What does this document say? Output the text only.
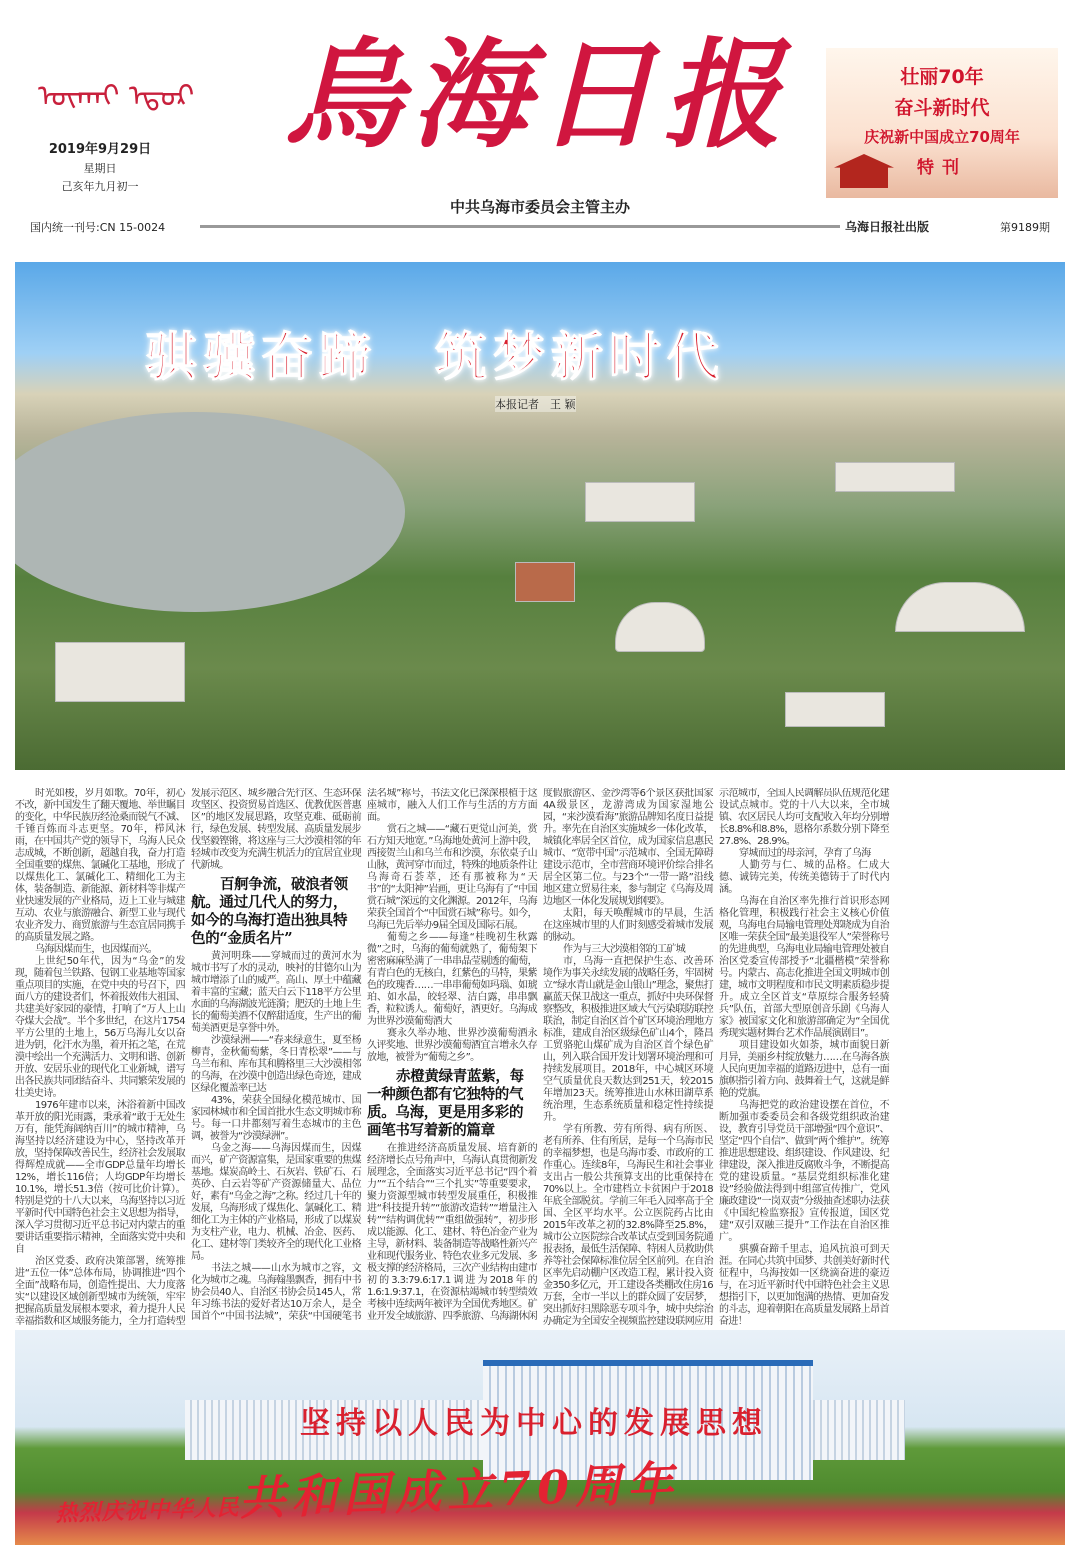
ᠦᠬᠠᠢ ᠡᠳᠦᠷ
2019年9月29日
星期日
己亥年九月初一
烏海日报
中共乌海市委员会主管主办
壮丽70年
奋斗新时代
庆祝新中国成立70周年
特刊
国内统一刊号:CN 15-0024	乌海日报社出版	第9189期
骐骥奋蹄　筑梦新时代
本报记者　王 颖

时光如梭，岁月如歌。70年，初心不改，新中国发生了翻天覆地、举世瞩目的变化，中华民族历经沧桑而锐气不减、千锤百炼而斗志更坚。70年，栉风沐雨，在中国共产党的领导下，乌海人民众志成城，不断创新，超越自我，奋力打造全国重要的煤焦、氯碱化工基地，形成了以煤焦化工、氯碱化工、精细化工为主体，装备制造、新能源、新材料等非煤产业快速发展的产业格局，迈上工业与城建互动、农业与旅游融合、新型工业与现代农业齐发力、商贸旅游与生态宜居同携手的高质量发展之路。

乌海因煤而生，也因煤而兴。

上世纪50年代，因为“乌金”的发现，随着包兰铁路、包钢工业基地等国家重点项目的实施，在党中央的号召下，四面八方的建设者们，怀着报效伟大祖国、共建美好家园的豪情，打响了“万人上山夺煤大会战”。半个多世纪，在这片1754平方公里的土地上，56万乌海儿女以奋进为钥，化汗水为墨，着开拓之笔，在荒漠中绘出一个充满活力、文明和谐、创新开放、安居乐业的现代化工业新城，谱写出各民族共同团结奋斗、共同繁荣发展的壮美史诗。

1976年建市以来，沐浴着新中国改革开放的阳光雨露，秉承着“敢于无处生万有，能凭海阔纳百川”的城市精神，乌海坚持以经济建设为中心，坚持改革开放，坚持保障改善民生，经济社会发展取得辉煌成就——全市GDP总量年均增长12%，增长116倍；人均GDP年均增长10.1%，增长51.3倍（按可比价计算）。特别是党的十八大以来，乌海坚持以习近平新时代中国特色社会主义思想为指导，深入学习贯彻习近平总书记对内蒙古的重要讲话重要指示精神，全面落实党中央和自

治区党委、政府决策部署，统筹推进“五位一体”总体布局，协调推进“四个全面”战略布局，创造性提出、大力度落实“以建设区域创新型城市为统领，牢牢把握高质量发展根本要求，着力提升人民幸福指数和区域服务能力，全力打造转型发展示范区、城乡融合先行区、生态环保攻坚区、投资贸易首选区、优教优医普惠区”的地区发展思路，攻坚克难、砥砺前行，绿色发展、转型发展、高质量发展步伐坚毅铿锵，将这座与三大沙漠相邻的年轻城市改变为充满生机活力的宜居宜业现代新城。

百舸争流，破浪者领航。通过几代人的努力，如今的乌海打造出独具特色的“金质名片”

黄河明珠——穿城而过的黄河水为城市书写了水的灵动，映衬的甘德尔山为城市增添了山的威严。高山、厚土中蕴藏着丰富的宝藏；蓝天白云下118平方公里水面的乌海湖波光涟漪；肥沃的土地上生长的葡萄美酒不仅醉甜适度，生产出的葡萄美酒更是享誉中外。

沙漠绿洲——“春来绿意生，夏至杨柳青，金秋葡萄紫，冬日青松翠”——与乌兰布和、库布其和腾格里三大沙漠相邻的乌海，在沙漠中创造出绿色奇迹，建成区绿化覆盖率已达

43%，荣获全国绿化模范城市、国家园林城市和全国首批水生态文明城市称号。每一口井都刻写着生态城市的主色调，被誉为“沙漠绿洲”。

乌金之海——乌海因煤而生，因煤而兴，矿产资源富集，是国家重要的焦煤基地。煤炭高岭土、石灰岩、铁矿石、石英砂、白云岩等矿产资源储量大、品位好，素有“乌金之海”之称。经过几十年的发展，乌海形成了煤焦化、氯碱化工、精细化工为主体的产业格局，形成了以煤炭为支柱产业，电力、机械、冶金、医药、化工、建材等门类较齐全的现代化工业格局。

书法之城——山水为城市之容，文化为城市之魂。乌海翰墨飘香，拥有中书协会员40人、自治区书协会员145人，常年习练书法的爱好者达10万余人，是全国首个“中国书法城”，荣获“中国硬笔书法名城”称号，书法文化已深深根植于这座城市，融入人们工作与生活的方方面面。

赏石之城——“藏石更觉山河美，赏石方知天地宽。”乌海地处黄河上游中段，西接贺兰山和乌兰布和沙漠，东依桌子山山脉，黄河穿市而过，特殊的地质条件让乌海奇石荟萃，还有那被称为“天书”的“太阳神”岩画，更让乌海有了“中国赏石城”深远的文化渊源。2012年，乌海荣获全国首个“中国赏石城”称号。如今，乌海已先后举办9届全国及国际石展。

葡萄之乡——每逢“桂晚初生秋露微”之时，乌海的葡萄就熟了，葡萄架下密密麻麻坠满了一串串晶莹剔透的葡萄，有青白色的无核白，红紫色的马特，果紫色的玫瑰香……一串串葡萄如玛瑙、如琥珀、如水晶，皎轻翠、洁白露，串串飘香，粒粒诱人。葡萄好，酒更好。乌海成为世界沙漠葡萄酒大

赛永久举办地、世界沙漠葡萄酒永久评奖地、世界沙漠葡萄酒宜言增永久存放地，被誉为“葡萄之乡”。

赤橙黄绿青蓝紫，每一种颜色都有它独特的气质。乌海，更是用多彩的画笔书写着新的篇章

在推进经济高质量发展、培育新的经济增长点号角声中，乌海认真贯彻新发展理念，全面落实习近平总书记“四个着力”“五个结合”“三个扎实”等重要要求，聚力资源型城市转型发展重任，积极推进“科技提升转”“旅游改造转”“增量注入转”“结构调优转”“重组做强转”，初步形成以能源、化工、建材、特色冶金产业为主导，新材料、装备制造等战略性新兴产业和现代服务业、特色农业多元发展、多极支撑的经济格局，三次产业结构由建市初的3.3:79.6:17.1调进为2018年的1.6:1.9:37.1，在资源枯竭城市转型绩效考核中连续两年被评为全国优秀地区。矿业开发全域旅游、四季旅游、乌海湖休闲度假旅游区、金沙湾等6个景区获批国家4A级景区，龙游湾成为国家湿地公园，“来沙漠看海”旅游品牌知名度日益提升。率先在自治区实施城乡一体化改革，城镇化率居全区首位，成为国家信息惠民城市、“宽带中国”示范城市、全国无障碍建设示范市，全市营商环境评价综合排名居全区第二位。与23个“一带一路”沿线地区建立贸易往来，参与制定《乌海及周边地区一体化发展规划纲要》。

太阳，每天唤醒城市的早晨，生活在这座城市里的人们时刻感受着城市发展的脉动。

作为与三大沙漠相邻的工矿城

市，乌海一直把保护生态、改善环境作为事关永续发展的战略任务，牢固树立“绿水青山就是金山银山”理念，聚焦打赢蓝天保卫战这一重点，抓好中央环保督察整改，积极推进区域大气污染联防联控联治，制定自治区首个矿区环境治理地方标准，建成自治区级绿色矿山4个，隆昌工贸骆驼山煤矿成为自治区首个绿色矿山，列入联合国开发计划署环境治理和可持续发展项目。2018年，中心城区环境空气质量优良天数达到251天，较2015年增加23天。统筹推进山水林田湖草系统治理，生态系统质量和稳定性持续提升。

学有所教、劳有所得、病有所医、老有所养、住有所居，是每一个乌海市民的幸福梦想，也是乌海市委、市政府的工作重心。连续8年，乌海民生和社会事业支出占一般公共预算支出的比重保持在70%以上。全市建档立卡贫困户于2018年底全部脱贫。学前三年毛入园率高于全国、全区平均水平。公立医院药占比由2015年改革之初的32.8%降至25.8%，城市公立医院综合改革试点受到国务院通报表扬，最低生活保障、特困人员救助供养等社会保障标准位居全区前列。在自治区率先启动棚户区改造工程，累计投入资金350多亿元，开工建设各类棚改住房16万套，全市一半以上的群众圆了安居梦，突出抓好扫黑除恶专项斗争，城中央综治办确定为全国安全视频监控建设联网应用示范城市，全国人民调解员队伍规范化建设试点城市。党的十八大以来，全市城镇、农区居民人均可支配收入年均分别增长8.8%和8.8%，恩格尔系数分别下降至27.8%、28.9%。

穿城而过的母亲河，孕育了乌海

人勤劳与仁、城的品格。仁成大德、诚铸完美，传统美德铸于了时代内涵。

乌海在自治区率先推行首识形态网格化管理，积极践行社会主义核心价值观，乌海电台局输电管理处郑晓成为自治区唯一荣获全国“最美退役军人”荣誉称号的先进典型，乌海电业局输电管理处被自治区党委宣传部授予“北疆楷模”荣誉称号。内蒙古、高志化推进全国文明城市创建，城市文明程度和市民文明素质稳步提升。成立全区首支“草原综合服务轻骑兵”队伍，首部大型原创音乐剧《乌海人家》被国家文化和旅游部确定为“全国优秀现实题材舞台艺术作品展演剧目”。

项目建设如火如荼，城市面貌日新月异，美丽乡村绽放魅力……在乌海各族人民向更加幸福的道路迈进中，总有一面旗帜指引着方向、鼓舞着士气，这就是鲜艳的党旗。

乌海把党的政治建设摆在首位，不断加强市委委员会和各级党组织政治建设，教育引导党员干部增强“四个意识”、坚定“四个自信”、做到“两个维护”。统筹推进思想建设、组织建设、作风建设、纪律建设，深入推进反腐败斗争，不断提高党的建设质量。“基层党组织标准化建设”经验做法得到中组部宣传推广，党风廉政建设“一岗双责”分级抽查述职办法获《中国纪检监察报》宣传报道，国区党建“双引双融三提升”工作法在自治区推广。

骐骥奋蹄千里志，追风抗浪可到天涯。在同心共筑中国梦、共创美好新时代征程中，乌海按如一区绕滴奋进的豪迈与，在习近平新时代中国特色社会主义思想指引下，以更加饱满的热情、更加奋发的斗志，迎着朝阳在高质量发展路上昂首奋进！

坚持以人民为中心的发展思想
热烈庆祝中华人民共和国成立70周年
